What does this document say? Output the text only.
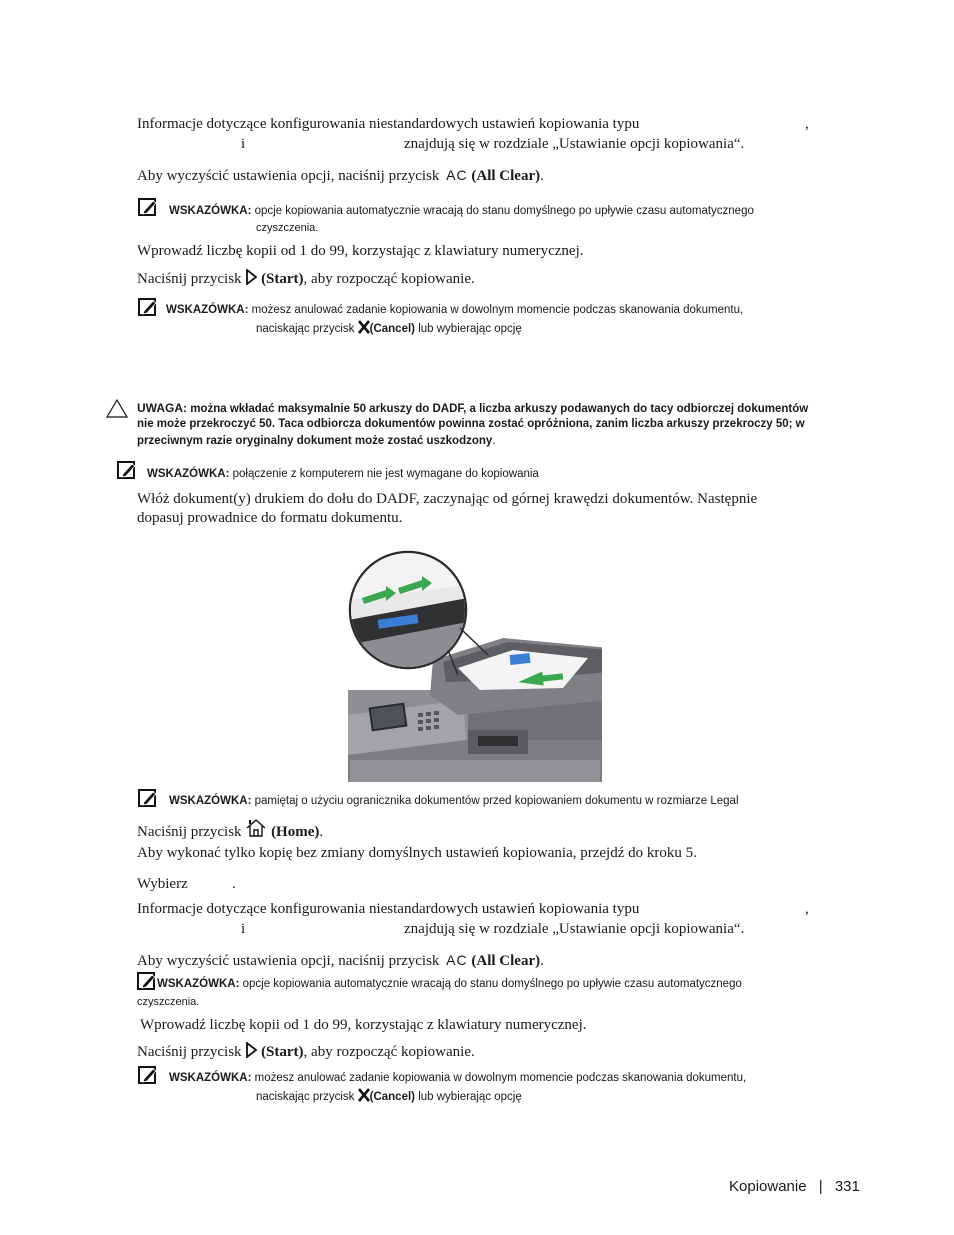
Informacje dotyczące konfigurowania niestandardowych ustawień kopiowania typu	,
i	znajdują się w rozdziale „Ustawianie opcji kopiowania“.
Aby wyczyścić ustawienia opcji, naciśnij przycisk AC (All Clear).
WSKAZÓWKA: opcje kopiowania automatycznie wracają do stanu domyślnego po upływie czasu automatycznego
czyszczenia.
Wprowadź liczbę kopii od 1 do 99, korzystając z klawiatury numerycznej.
Naciśnij przycisk (Start), aby rozpocząć kopiowanie.
WSKAZÓWKA: możesz anulować zadanie kopiowania w dowolnym momencie podczas skanowania dokumentu,
naciskając przycisk (Cancel) lub wybierając opcję
UWAGA: można wkładać maksymalnie 50 arkuszy do DADF, a liczba arkuszy podawanych do tacy odbiorczej dokumentów
nie może przekroczyć 50. Taca odbiorcza dokumentów powinna zostać opróżniona, zanim liczba arkuszy przekroczy 50; w
przeciwnym razie oryginalny dokument może zostać uszkodzony.
WSKAZÓWKA: połączenie z komputerem nie jest wymagane do kopiowania
Włóż dokument(y) drukiem do dołu do DADF, zaczynając od górnej krawędzi dokumentów. Następnie
dopasuj prowadnice do formatu dokumentu.
WSKAZÓWKA: pamiętaj o użyciu ogranicznika dokumentów przed kopiowaniem dokumentu w rozmiarze Legal
Naciśnij przycisk (Home).
Aby wykonać tylko kopię bez zmiany domyślnych ustawień kopiowania, przejdź do kroku 5.
Wybierz	.
Informacje dotyczące konfigurowania niestandardowych ustawień kopiowania typu	,
i	znajdują się w rozdziale „Ustawianie opcji kopiowania“.
Aby wyczyścić ustawienia opcji, naciśnij przycisk AC (All Clear).
WSKAZÓWKA: opcje kopiowania automatycznie wracają do stanu domyślnego po upływie czasu automatycznego
czyszczenia.
Wprowadź liczbę kopii od 1 do 99, korzystając z klawiatury numerycznej.
Naciśnij przycisk (Start), aby rozpocząć kopiowanie.
WSKAZÓWKA: możesz anulować zadanie kopiowania w dowolnym momencie podczas skanowania dokumentu,
naciskając przycisk (Cancel) lub wybierając opcję
Kopiowanie | 331
